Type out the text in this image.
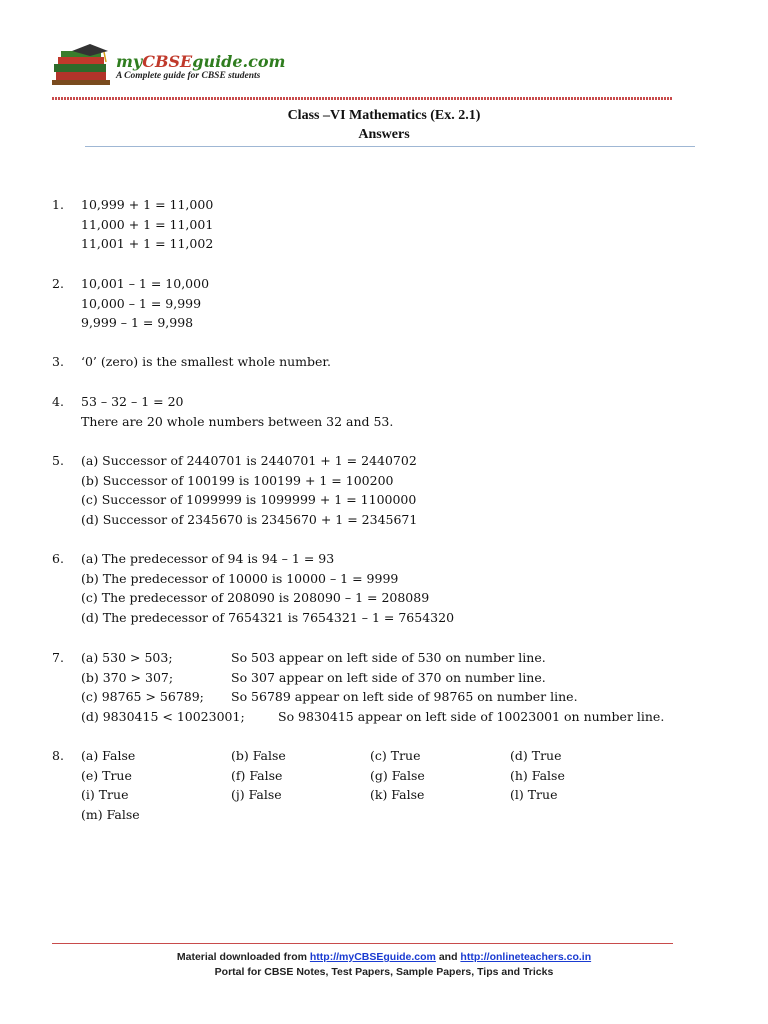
myCBSEguide.com
A Complete guide for CBSE students
Class –VI Mathematics (Ex. 2.1)
Answers
1.	10,999 + 1 = 11,000
11,000 + 1 = 11,001
11,001 + 1 = 11,002
2.	10,001 – 1 = 10,000
10,000 – 1 = 9,999
9,999 – 1 = 9,998
3.	‘0’ (zero) is the smallest whole number.
4.	53 – 32 – 1 = 20
There are 20 whole numbers between 32 and 53.
5.	(a) Successor of 2440701 is 2440701 + 1 = 2440702
(b) Successor of 100199 is 100199 + 1 = 100200
(c) Successor of 1099999 is 1099999 + 1 = 1100000
(d) Successor of 2345670 is 2345670 + 1 = 2345671
6.	(a) The predecessor of 94 is 94 – 1 = 93
(b) The predecessor of 10000 is 10000 – 1 = 9999
(c) The predecessor of 208090 is 208090 – 1 = 208089
(d) The predecessor of 7654321 is 7654321 – 1 = 7654320
7.	(a) 530 > 503;	So 503 appear on left side of 530 on number line.
(b) 370 > 307;	So 307 appear on left side of 370 on number line.
(c) 98765 > 56789; So 56789 appear on left side of 98765 on number line.
(d) 9830415 < 10023001;	So 9830415 appear on left side of 10023001 on number line.
8.	(a) False	(b) False	(c) True	(d) True
(e) True	(f) False	(g) False	(h) False
(i) True	(j) False	(k) False	(l) True
(m) False
Material downloaded from http://myCBSEguide.com and http://onlineteachers.co.in
Portal for CBSE Notes, Test Papers, Sample Papers, Tips and Tricks
